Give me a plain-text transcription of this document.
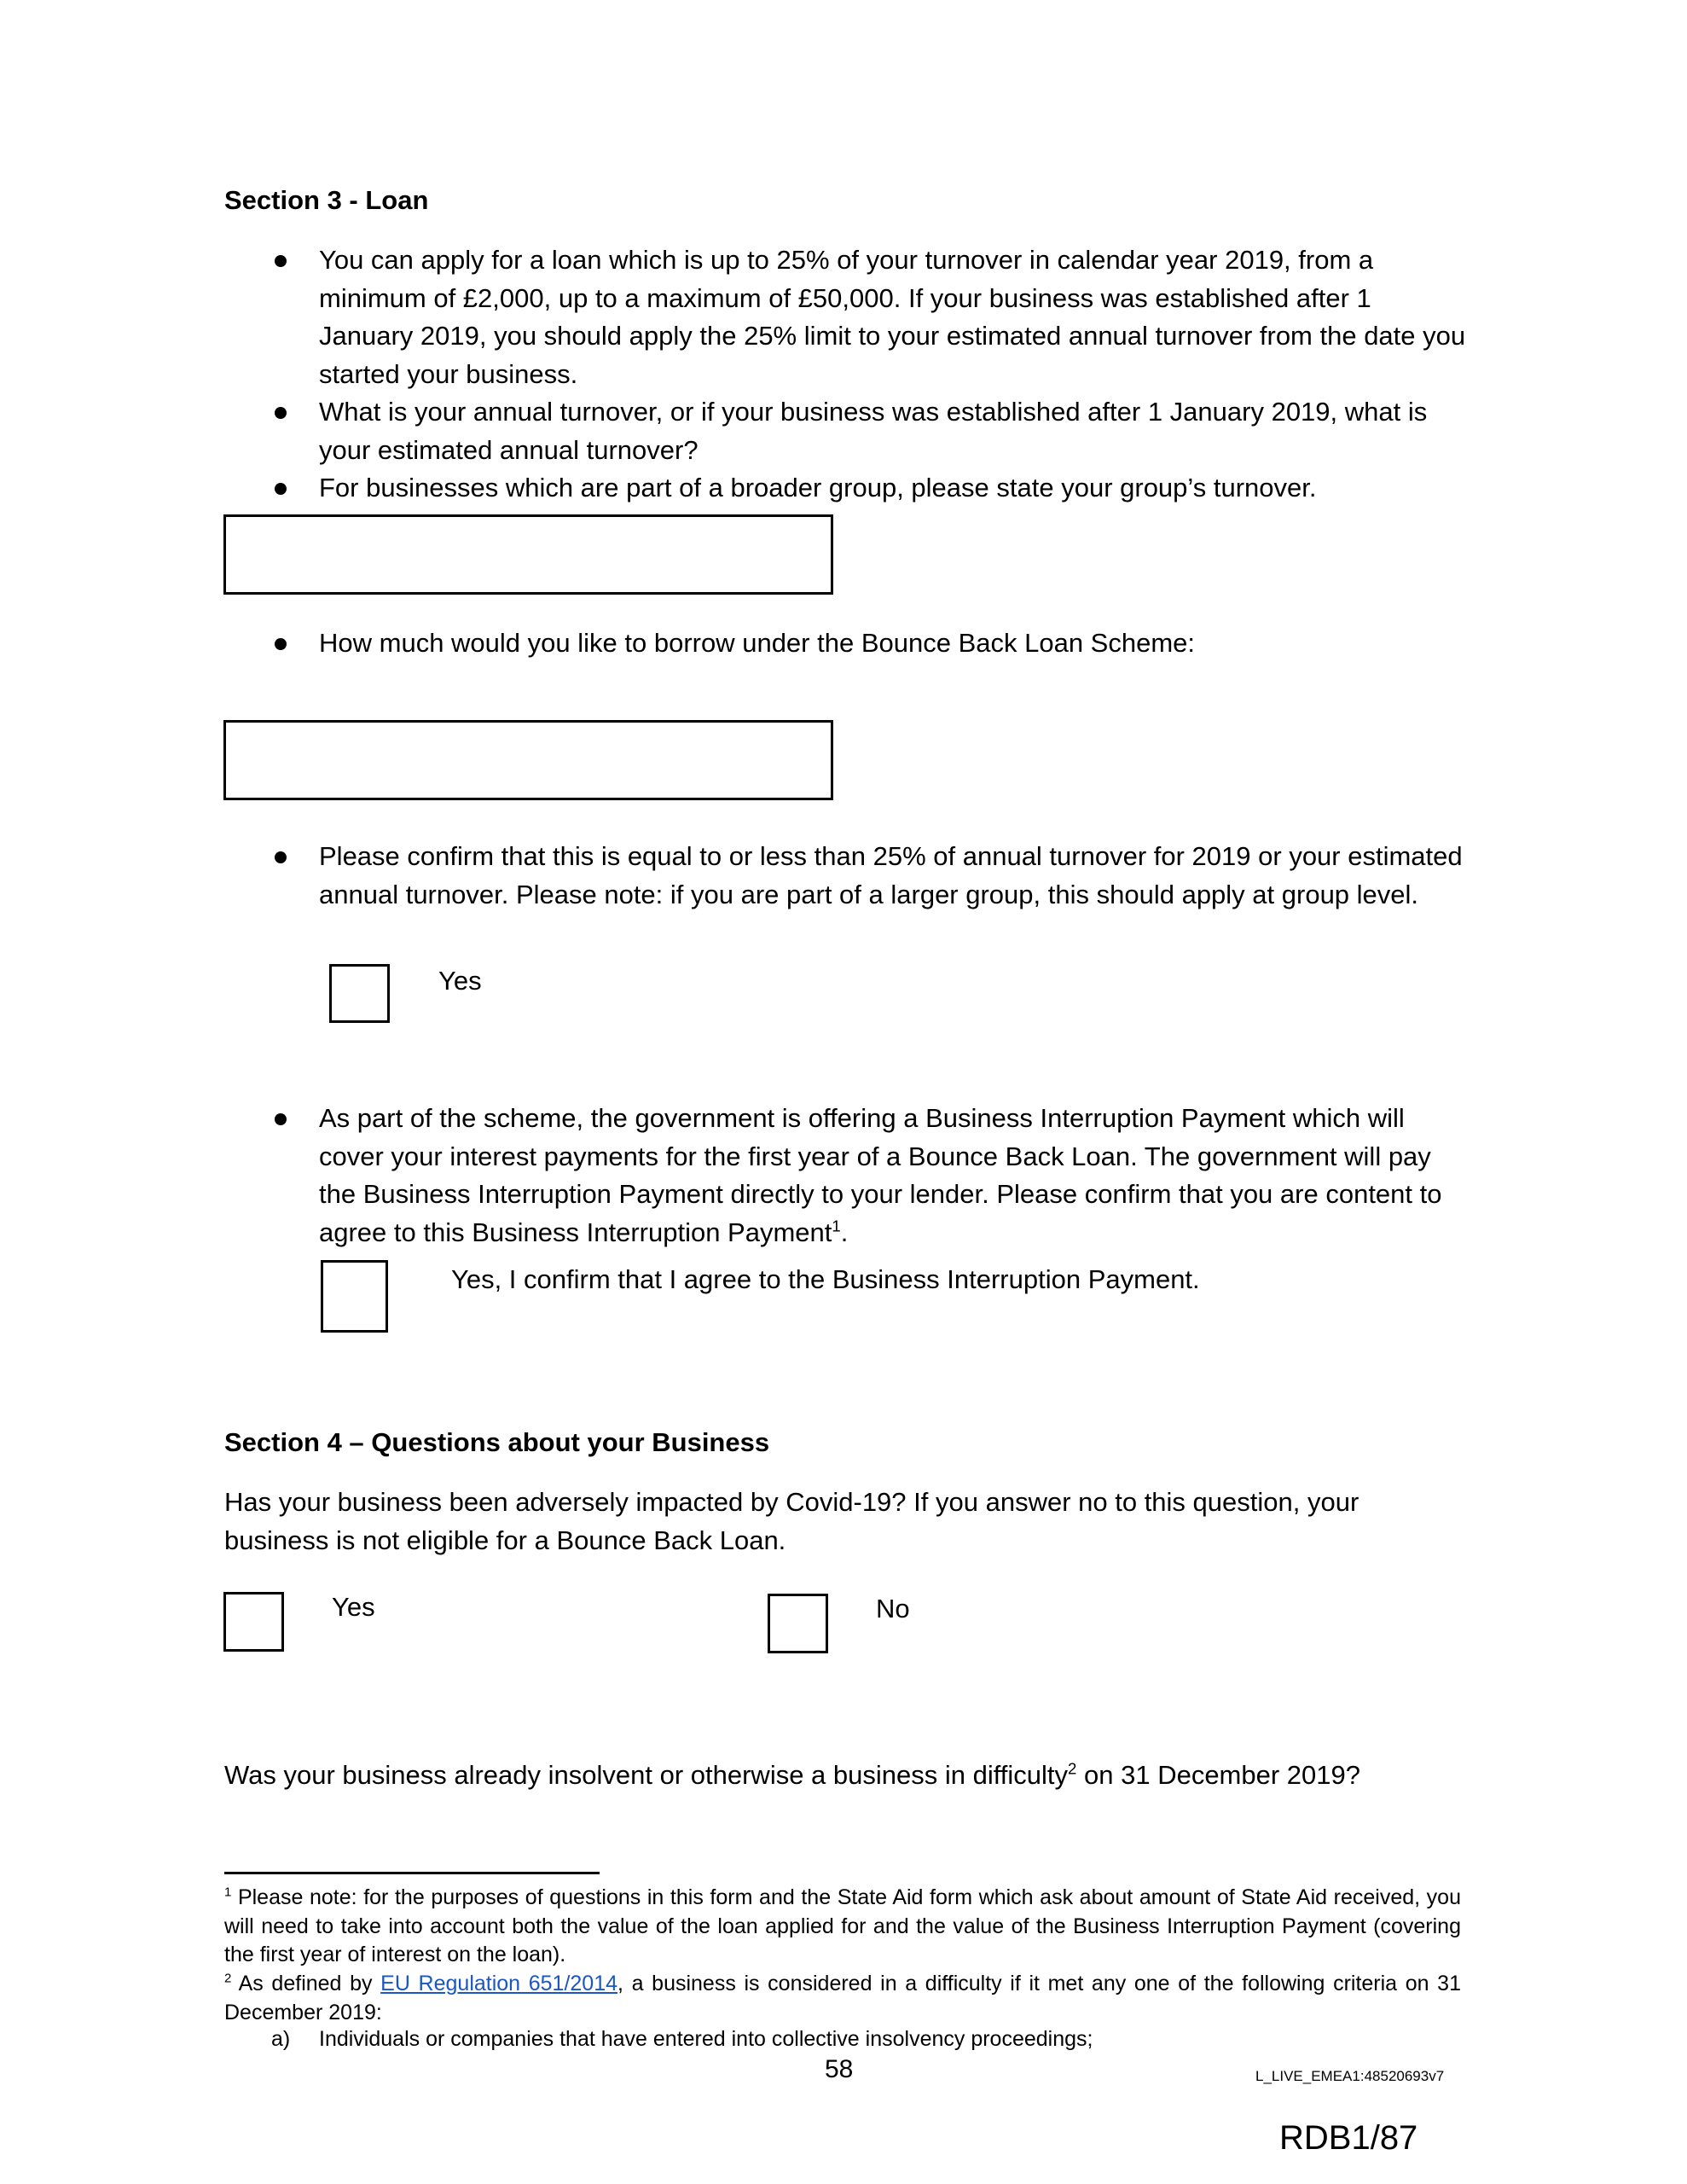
Section 3 - Loan
You can apply for a loan which is up to 25% of your turnover in calendar year 2019, from a minimum of £2,000, up to a maximum of £50,000. If your business was established after 1 January 2019, you should apply the 25% limit to your estimated annual turnover from the date you started your business.
What is your annual turnover, or if your business was established after 1 January 2019, what is your estimated annual turnover?
For businesses which are part of a broader group, please state your group’s turnover.
How much would you like to borrow under the Bounce Back Loan Scheme:
Please confirm that this is equal to or less than 25% of annual turnover for 2019 or your estimated annual turnover. Please note: if you are part of a larger group, this should apply at group level.
Yes
As part of the scheme, the government is offering a Business Interruption Payment which will cover your interest payments for the first year of a Bounce Back Loan. The government will pay the Business Interruption Payment directly to your lender. Please confirm that you are content to agree to this Business Interruption Payment$^1$.
Yes, I confirm that I agree to the Business Interruption Payment.
Section 4 – Questions about your Business
Has your business been adversely impacted by Covid-19? If you answer no to this question, your business is not eligible for a Bounce Back Loan.
Yes	No
Was your business already insolvent or otherwise a business in difficulty$^2$ on 31 December 2019?
$^1$ Please note: for the purposes of questions in this form and the State Aid form which ask about amount of State Aid received, you will need to take into account both the value of the loan applied for and the value of the Business Interruption Payment (covering the first year of interest on the loan).
$^2$ As defined by EU Regulation 651/2014, a business is considered in a difficulty if it met any one of the following criteria on 31 December 2019:
a) Individuals or companies that have entered into collective insolvency proceedings;
58	L_LIVE_EMEA1:48520693v7
RDB1/87
